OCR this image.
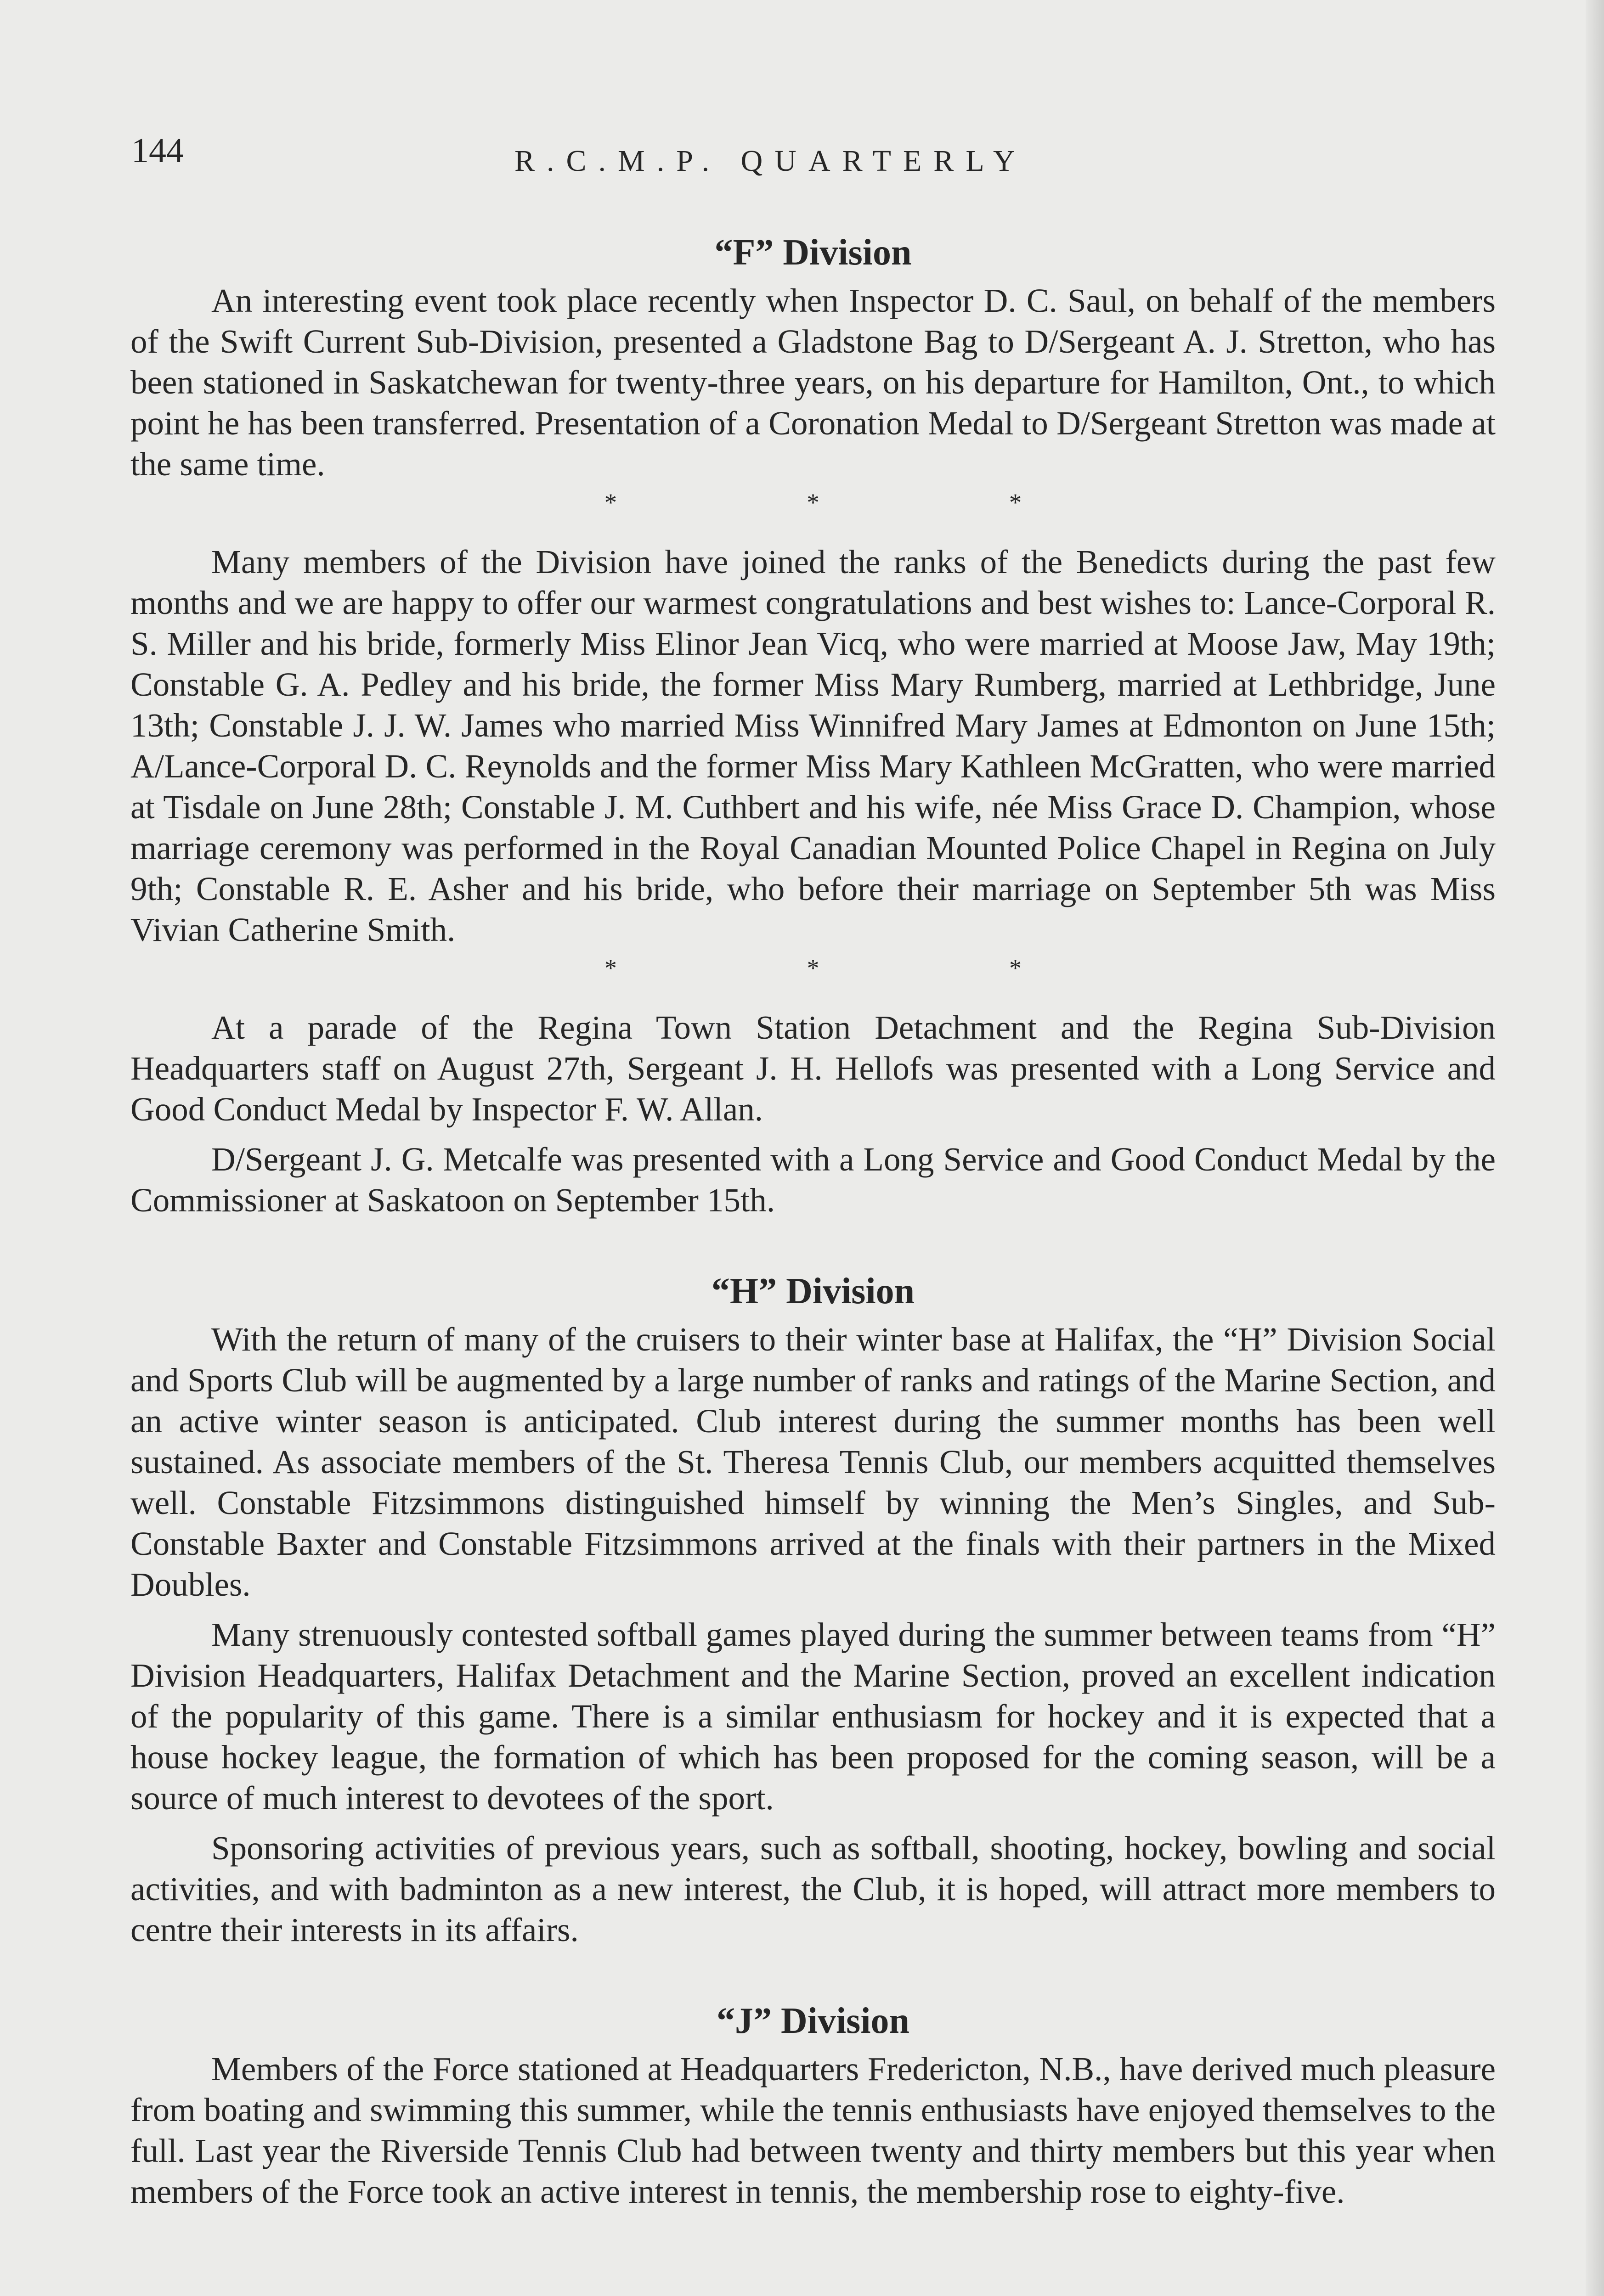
144	R.C.M.P. QUARTERLY
“F” Division

An interesting event took place recently when Inspector D. C. Saul, on behalf of the members of the Swift Current Sub-Division, presented a Gladstone Bag to D/Sergeant A. J. Stretton, who has been stationed in Saskatchewan for twenty-three years, on his departure for Hamilton, Ont., to which point he has been transferred. Presentation of a Coronation Medal to D/Sergeant Stretton was made at the same time.

* * *

Many members of the Division have joined the ranks of the Benedicts during the past few months and we are happy to offer our warmest congratulations and best wishes to: Lance-Corporal R. S. Miller and his bride, formerly Miss Elinor Jean Vicq, who were married at Moose Jaw, May 19th; Constable G. A. Pedley and his bride, the former Miss Mary Rumberg, married at Lethbridge, June 13th; Constable J. J. W. James who married Miss Winnifred Mary James at Edmonton on June 15th; A/Lance-Corporal D. C. Reynolds and the former Miss Mary Kathleen McGratten, who were married at Tisdale on June 28th; Constable J. M. Cuthbert and his wife, née Miss Grace D. Champion, whose marriage ceremony was performed in the Royal Canadian Mounted Police Chapel in Regina on July 9th; Constable R. E. Asher and his bride, who before their marriage on September 5th was Miss Vivian Catherine Smith.

* * *

At a parade of the Regina Town Station Detachment and the Regina Sub-Division Headquarters staff on August 27th, Sergeant J. H. Hellofs was presented with a Long Service and Good Conduct Medal by Inspector F. W. Allan.

D/Sergeant J. G. Metcalfe was presented with a Long Service and Good Conduct Medal by the Commissioner at Saskatoon on September 15th.

“H” Division

With the return of many of the cruisers to their winter base at Halifax, the “H” Division Social and Sports Club will be augmented by a large number of ranks and ratings of the Marine Section, and an active winter season is anticipated. Club interest during the summer months has been well sustained. As associate members of the St. Theresa Tennis Club, our members acquitted themselves well. Constable Fitzsimmons distinguished himself by winning the Men’s Singles, and Sub-Constable Baxter and Constable Fitzsimmons arrived at the finals with their partners in the Mixed Doubles.

Many strenuously contested softball games played during the summer between teams from “H” Division Headquarters, Halifax Detachment and the Marine Section, proved an excellent indication of the popularity of this game. There is a similar enthusiasm for hockey and it is expected that a house hockey league, the formation of which has been proposed for the coming season, will be a source of much interest to devotees of the sport.

Sponsoring activities of previous years, such as softball, shooting, hockey, bowling and social activities, and with badminton as a new interest, the Club, it is hoped, will attract more members to centre their interests in its affairs.

“J” Division

Members of the Force stationed at Headquarters Fredericton, N.B., have derived much pleasure from boating and swimming this summer, while the tennis enthusiasts have enjoyed themselves to the full. Last year the Riverside Tennis Club had between twenty and thirty members but this year when members of the Force took an active interest in tennis, the membership rose to eighty-five.
